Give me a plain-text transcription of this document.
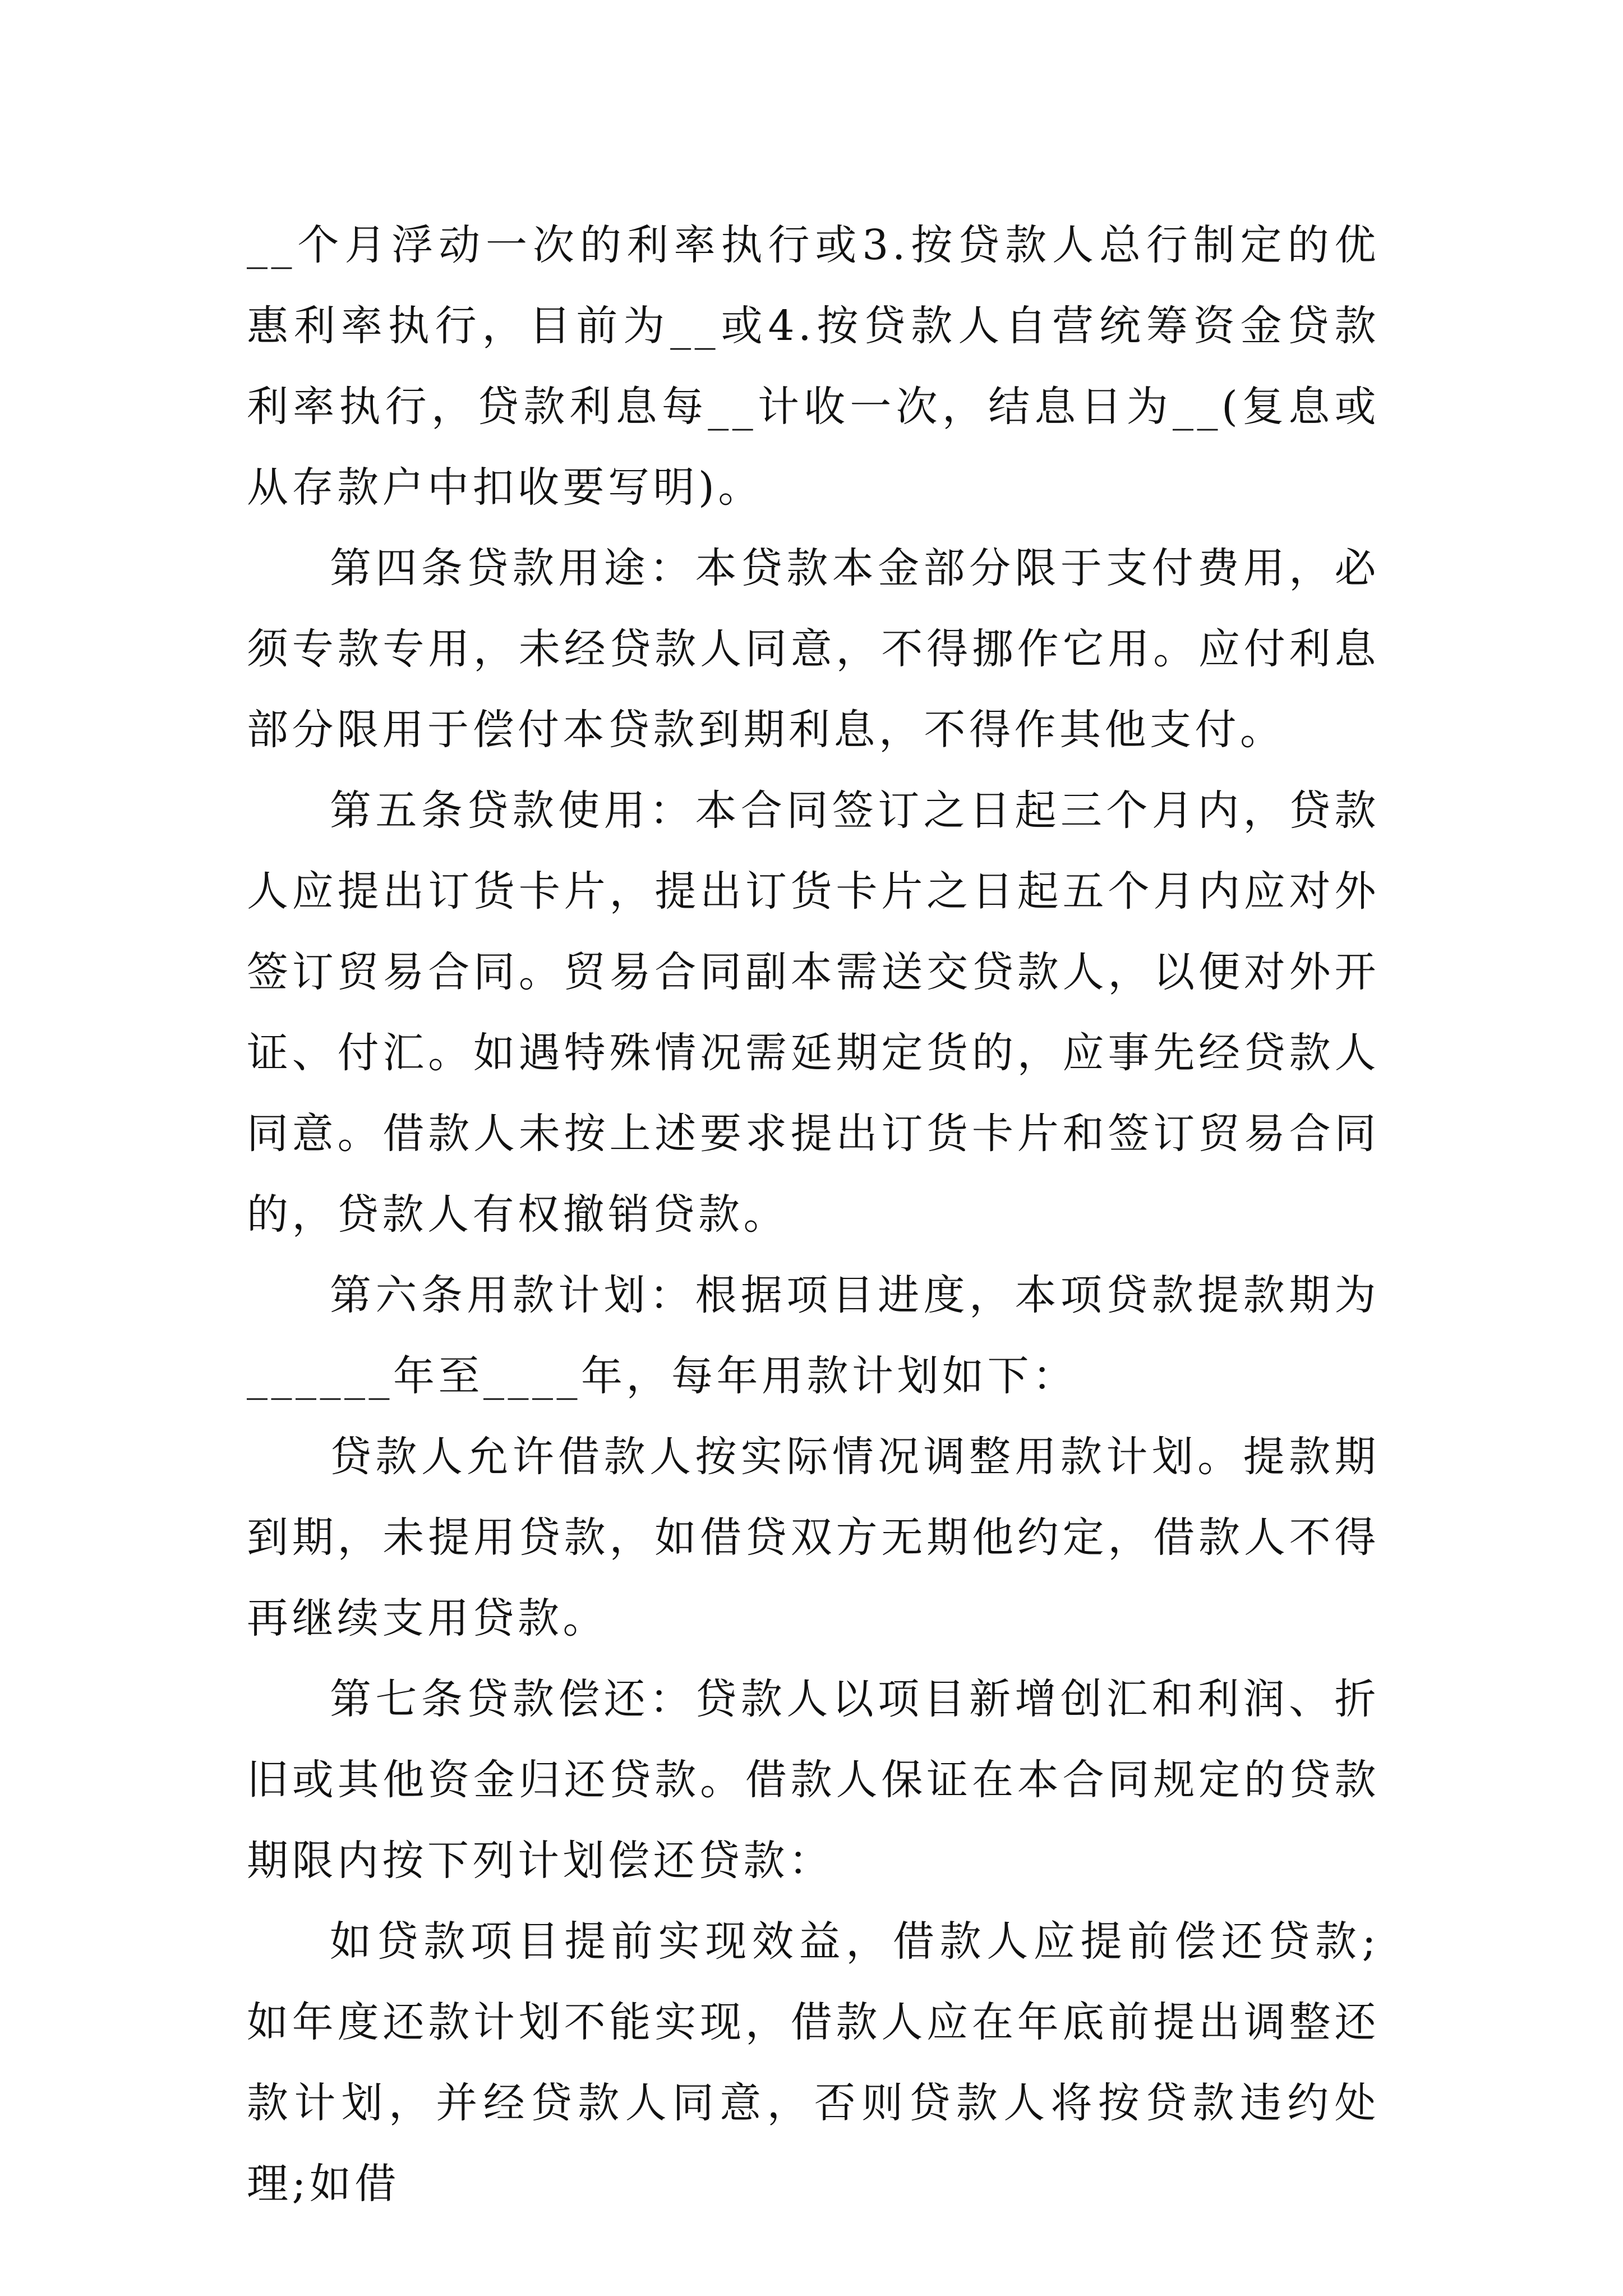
__个月浮动一次的利率执行或3.按贷款人总行制定的优惠利率执行，目前为__或4.按贷款人自营统筹资金贷款利率执行，贷款利息每__计收一次，结息日为__(复息或从存款户中扣收要写明)。

第四条贷款用途：本贷款本金部分限于支付费用，必须专款专用，未经贷款人同意，不得挪作它用。应付利息部分限用于偿付本贷款到期利息，不得作其他支付。

第五条贷款使用：本合同签订之日起三个月内，贷款人应提出订货卡片，提出订货卡片之日起五个月内应对外签订贸易合同。贸易合同副本需送交贷款人，以便对外开证、付汇。如遇特殊情况需延期定货的，应事先经贷款人同意。借款人未按上述要求提出订货卡片和签订贸易合同的，贷款人有权撤销贷款。

第六条用款计划：根据项目进度，本项贷款提款期为______年至____年，每年用款计划如下：

贷款人允许借款人按实际情况调整用款计划。提款期到期，未提用贷款，如借贷双方无期他约定，借款人不得再继续支用贷款。

第七条贷款偿还：贷款人以项目新增创汇和利润、折旧或其他资金归还贷款。借款人保证在本合同规定的贷款期限内按下列计划偿还贷款：

如贷款项目提前实现效益，借款人应提前偿还贷款;如年度还款计划不能实现，借款人应在年底前提出调整还款计划，并经贷款人同意，否则贷款人将按贷款违约处理;如借
